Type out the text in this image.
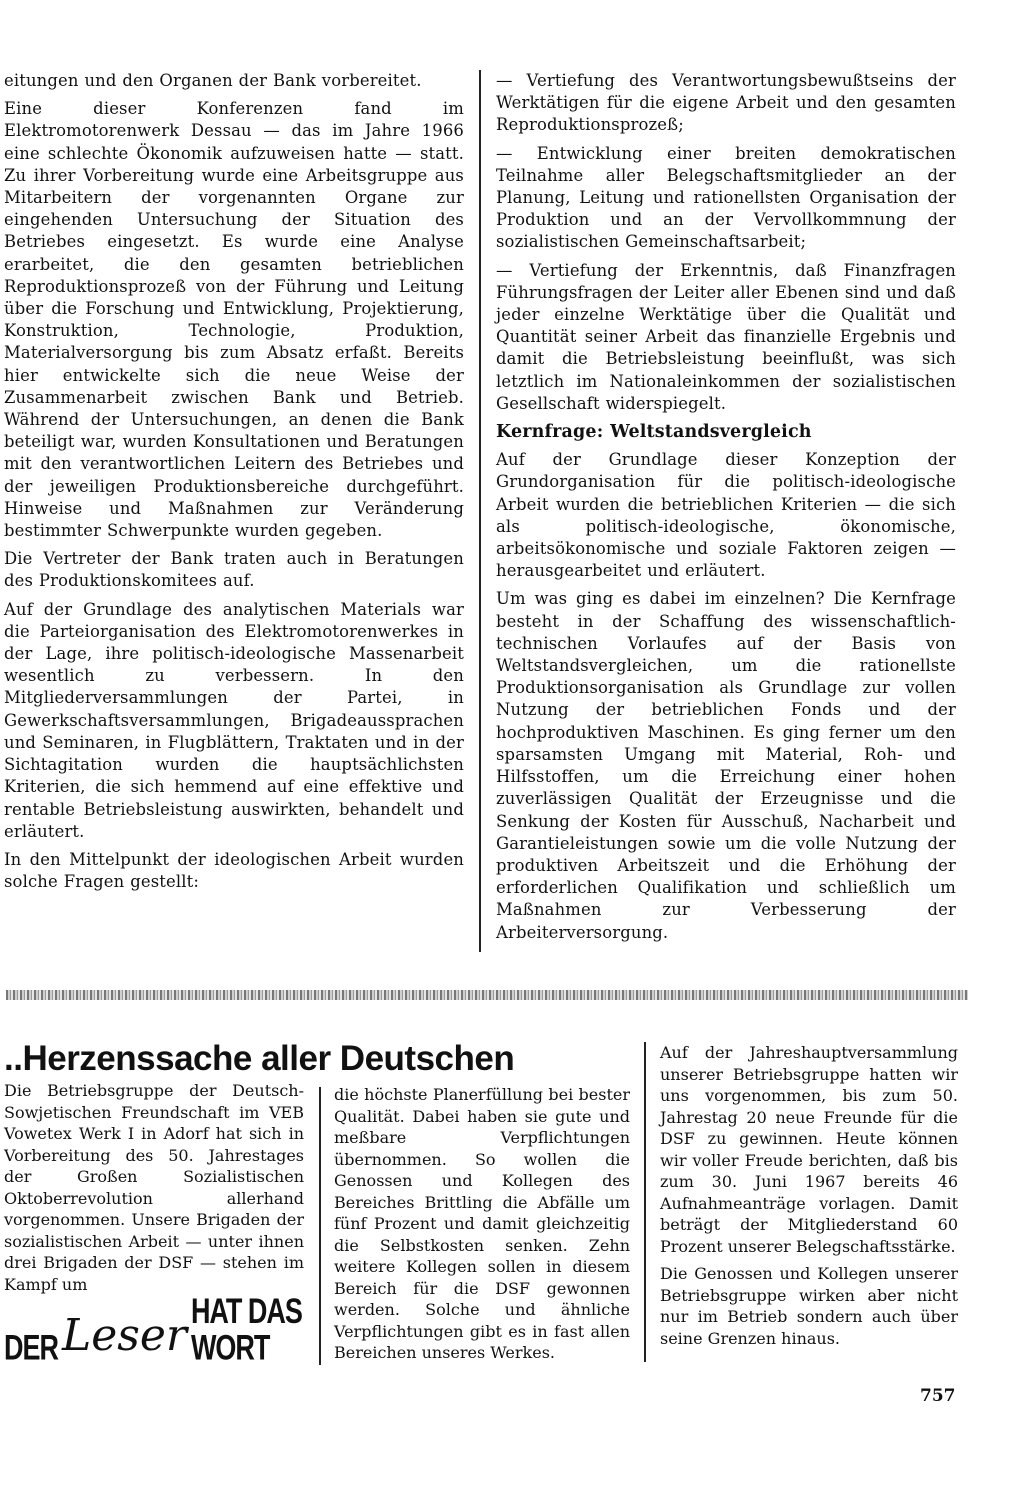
eitungen und den Organen der Bank vorbereitet.

Eine dieser Konferenzen fand im Elektromotorenwerk Dessau — das im Jahre 1966 eine schlechte Ökonomik aufzuweisen hatte — statt. Zu ihrer Vorbereitung wurde eine Arbeitsgruppe aus Mitarbeitern der vorgenannten Organe zur eingehenden Untersuchung der Situation des Betriebes eingesetzt. Es wurde eine Analyse erarbeitet, die den gesamten betrieblichen Reproduktionsprozeß von der Führung und Leitung über die Forschung und Entwicklung, Projektierung, Konstruktion, Technologie, Produktion, Materialversorgung bis zum Absatz erfaßt. Bereits hier entwickelte sich die neue Weise der Zusammenarbeit zwischen Bank und Betrieb. Während der Untersuchungen, an denen die Bank beteiligt war, wurden Konsultationen und Beratungen mit den verantwortlichen Leitern des Betriebes und der jeweiligen Produktionsbereiche durchgeführt. Hinweise und Maßnahmen zur Veränderung bestimmter Schwerpunkte wurden gegeben.

Die Vertreter der Bank traten auch in Beratungen des Produktionskomitees auf.

Auf der Grundlage des analytischen Materials war die Parteiorganisation des Elektromotorenwerkes in der Lage, ihre politisch-ideologische Massenarbeit wesentlich zu verbessern. In den Mitgliederversammlungen der Partei, in Gewerkschaftsversammlungen, Brigadeaussprachen und Seminaren, in Flugblättern, Traktaten und in der Sichtagitation wurden die hauptsächlichsten Kriterien, die sich hemmend auf eine effektive und rentable Betriebsleistung auswirkten, behandelt und erläutert.

In den Mittelpunkt der ideologischen Arbeit wurden solche Fragen gestellt:

— Vertiefung des Verantwortungsbewußtseins der Werktätigen für die eigene Arbeit und den gesamten Reproduktionsprozeß;

— Entwicklung einer breiten demokratischen Teilnahme aller Belegschaftsmitglieder an der Planung, Leitung und rationellsten Organisation der Produktion und an der Vervollkommnung der sozialistischen Gemeinschaftsarbeit;

— Vertiefung der Erkenntnis, daß Finanzfragen Führungsfragen der Leiter aller Ebenen sind und daß jeder einzelne Werktätige über die Qualität und Quantität seiner Arbeit das finanzielle Ergebnis und damit die Betriebsleistung beeinflußt, was sich letztlich im Nationaleinkommen der sozialistischen Gesellschaft widerspiegelt.

Kernfrage: Weltstandsvergleich

Auf der Grundlage dieser Konzeption der Grundorganisation für die politisch-ideologische Arbeit wurden die betrieblichen Kriterien — die sich als politisch-ideologische, ökonomische, arbeitsökonomische und soziale Faktoren zeigen — herausgearbeitet und erläutert.

Um was ging es dabei im einzelnen? Die Kernfrage besteht in der Schaffung des wissenschaftlich-technischen Vorlaufes auf der Basis von Weltstandsvergleichen, um die rationellste Produktionsorganisation als Grundlage zur vollen Nutzung der betrieblichen Fonds und der hochproduktiven Maschinen. Es ging ferner um den sparsamsten Umgang mit Material, Roh- und Hilfsstoffen, um die Erreichung einer hohen zuverlässigen Qualität der Erzeugnisse und die Senkung der Kosten für Ausschuß, Nacharbeit und Garantieleistungen sowie um die volle Nutzung der produktiven Arbeitszeit und die Erhöhung der erforderlichen Qualifikation und schließlich um Maßnahmen zur Verbesserung der Arbeiterversorgung.

..Herzenssache aller Deutschen

Die Betriebsgruppe der Deutsch-Sowjetischen Freundschaft im VEB Vowetex Werk I in Adorf hat sich in Vorbereitung des 50. Jahrestages der Großen Sozialistischen Oktoberrevolution allerhand vorgenommen. Unsere Brigaden der sozialistischen Arbeit — unter ihnen drei Brigaden der DSF — stehen im Kampf um

die höchste Planerfüllung bei bester Qualität. Dabei haben sie gute und meßbare Verpflichtungen übernommen. So wollen die Genossen und Kollegen des Bereiches Brittling die Abfälle um fünf Prozent und damit gleichzeitig die Selbstkosten senken. Zehn weitere Kollegen sollen in diesem Bereich für die DSF gewonnen werden. Solche und ähnliche Verpflichtungen gibt es in fast allen Bereichen unseres Werkes.

Auf der Jahreshauptversammlung unserer Betriebsgruppe hatten wir uns vorgenommen, bis zum 50. Jahrestag 20 neue Freunde für die DSF zu gewinnen. Heute können wir voller Freude berichten, daß bis zum 30. Juni 1967 bereits 46 Aufnahmeanträge vorlagen. Damit beträgt der Mitgliederstand 60 Prozent unserer Belegschaftsstärke.

Die Genossen und Kollegen unserer Betriebsgruppe wirken aber nicht nur im Betrieb sondern auch über seine Grenzen hinaus.

DER Leser HAT DAS WORT
757
